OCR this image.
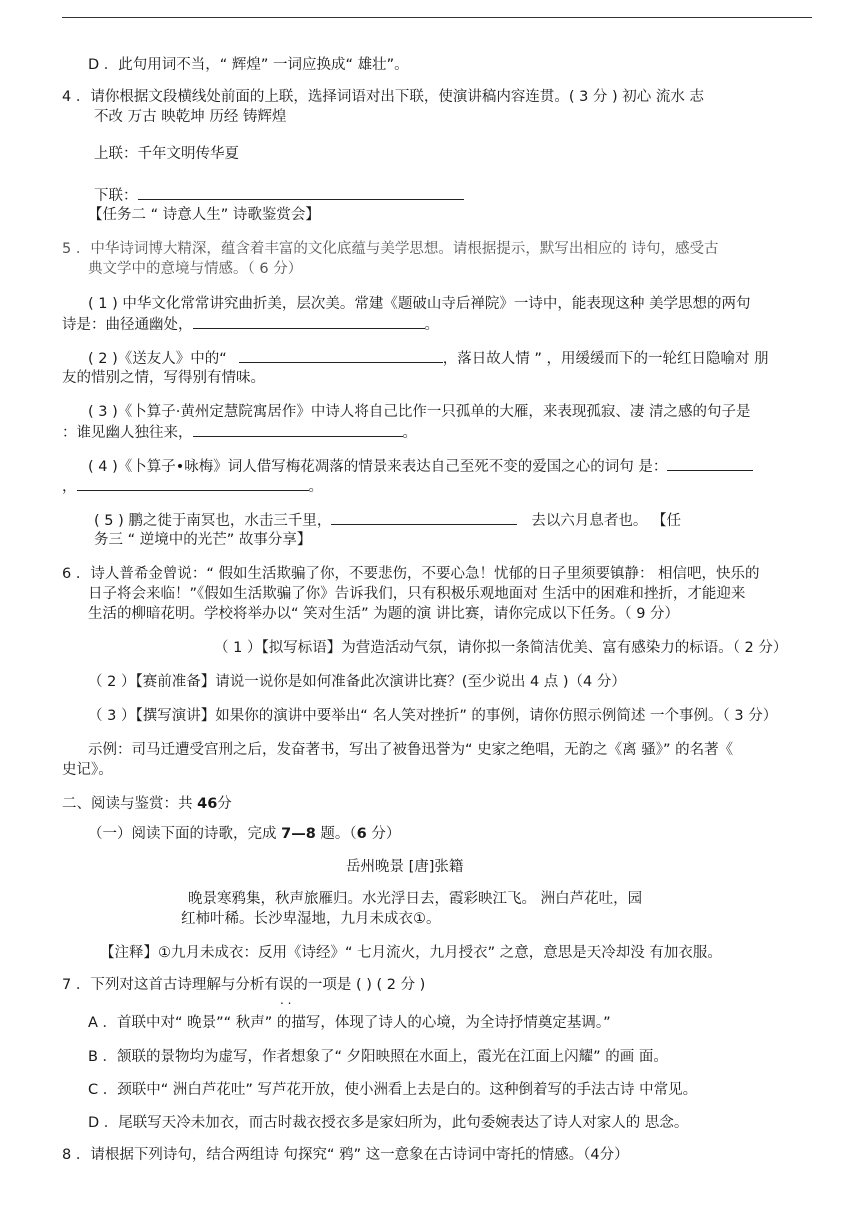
D ．此句用词不当，“ 辉煌” 一词应换成“ 雄壮”。
4 ．请你根据文段横线处前面的上联，选择词语对出下联，使演讲稿内容连贯。( 3 分 ) 初心 流水 志
不改 万古 映乾坤 历经 铸辉煌
上联：千年文明传华夏
下联：
【任务二 “ 诗意人生” 诗歌鉴赏会】
5 ．中华诗词博大精深，蕴含着丰富的文化底蕴与美学思想。请根据提示，默写出相应的 诗句，感受古
典文学中的意境与情感。（ 6 分）
( 1 ) 中华文化常常讲究曲折美，层次美。常建《题破山寺后禅院》一诗中，能表现这种 美学思想的两句
诗是：曲径通幽处，	。
( 2 )《送友人》中的“	，落日故人情 ” ，用缓缓而下的一轮红日隐喻对 朋
友的惜别之情，写得别有情味。
( 3 )《卜算子·黄州定慧院寓居作》中诗人将自己比作一只孤单的大雁，来表现孤寂、凄 清之感的句子是
：谁见幽人独往来，	。
( 4 )《卜算子•咏梅》词人借写梅花凋落的情景来表达自己至死不变的爱国之心的词句 是：
，	。
( 5 ) 鹏之徙于南冥也，水击三千里，	去以六月息者也。 【任
务三 “ 逆境中的光芒” 故事分享】
6 ．诗人普希金曾说：“ 假如生活欺骗了你，不要悲伤，不要心急！忧郁的日子里须要镇静： 相信吧，快乐的
日子将会来临！”《假如生活欺骗了你》告诉我们，只有积极乐观地面对 生活中的困难和挫折，才能迎来
生活的柳暗花明。学校将举办以“ 笑对生活” 为题的演 讲比赛，请你完成以下任务。（ 9 分）
（ 1 ）【拟写标语】为营造活动气氛，请你拟一条简洁优美、富有感染力的标语。（ 2 分）
（ 2 ）【赛前准备】请说一说你是如何准备此次演讲比赛？(至少说出 4 点 )（4 分）
（ 3 ）【撰写演讲】如果你的演讲中要举出“ 名人笑对挫折” 的事例，请你仿照示例简述 一个事例。（ 3 分）
示例：司马迁遭受宫刑之后，发奋著书，写出了被鲁迅誉为“ 史家之绝唱，无韵之《离 骚》” 的名著《
史记》。
二、阅读与鉴赏：共 46分
（一）阅读下面的诗歌，完成 7—8 题。（6 分）
岳州晚景 [唐]张籍
晚景寒鸦集，秋声旅雁归。水光浮日去，霞彩映江飞。 洲白芦花吐，园
红柿叶稀。长沙卑湿地，九月未成衣①。
【注释】①九月未成衣：反用《诗经》“ 七月流火，九月授衣” 之意，意思是天冷却没 有加衣服。
7 ．下列对这首古诗理解与分析有误的一项是 ( ) ( 2 分 )
. .
A ．首联中对“ 晚景”“ 秋声” 的描写，体现了诗人的心境，为全诗抒情奠定基调。”
B ．颔联的景物均为虚写，作者想象了“ 夕阳映照在水面上，霞光在江面上闪耀” 的画 面。
C ．颈联中“ 洲白芦花吐” 写芦花开放，使小洲看上去是白的。这种倒着写的手法古诗 中常见。
D ．尾联写天冷未加衣，而古时裁衣授衣多是家妇所为，此句委婉表达了诗人对家人的 思念。
8 ．请根据下列诗句，结合两组诗 句探究“ 鸦” 这一意象在古诗词中寄托的情感。（4分）
